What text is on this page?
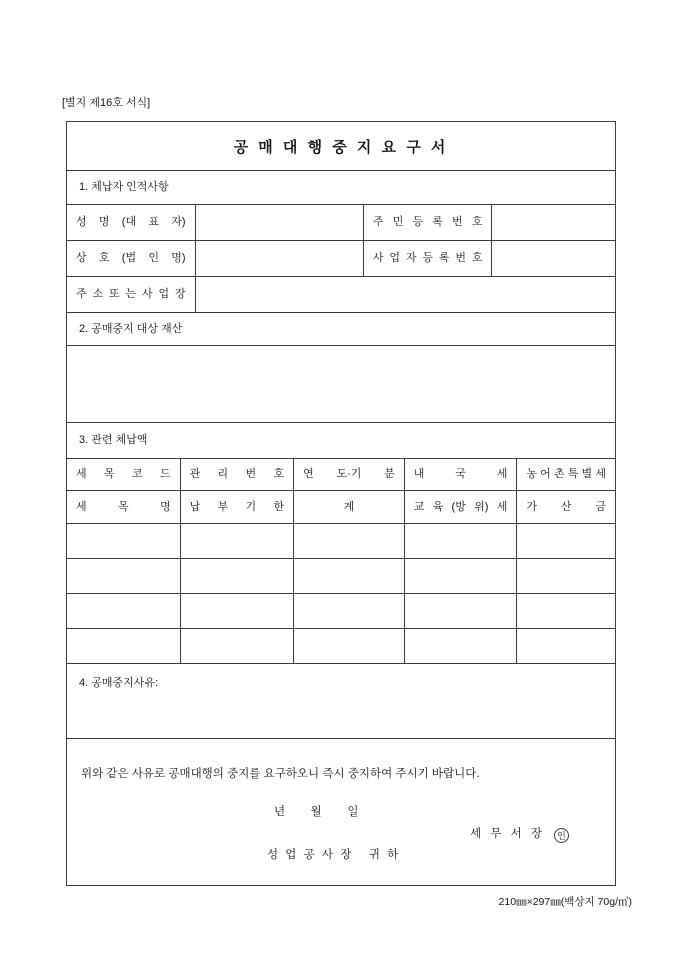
[별지 제16호 서식]
공 매 대 행 중 지 요 구 서
1. 체납자 인적사항
성 명 (대 표 자)	주 민 등 록 번 호
상 호 (법 인 명)	사 업 자 등 록 번 호
주 소 또 는 사 업 장
2. 공매중지 대상 재산
3. 관련 체납액
세 목 코 드	관 리 번 호	연 도·기 분	내 국 세	농 어 촌 특 별 세
세 목 명	납 부 기 한	계	교 육 (방 위) 세	가 산 금
4. 공매중지사유:
위와 같은 사유로 공매대행의 중지를 요구하오니 즉시 중지하여 주시기 바랍니다.
년        월        일
세 무 서 장 인
성 업 공 사 장   귀 하
210㎜×297㎜(백상지 70g/㎡)
